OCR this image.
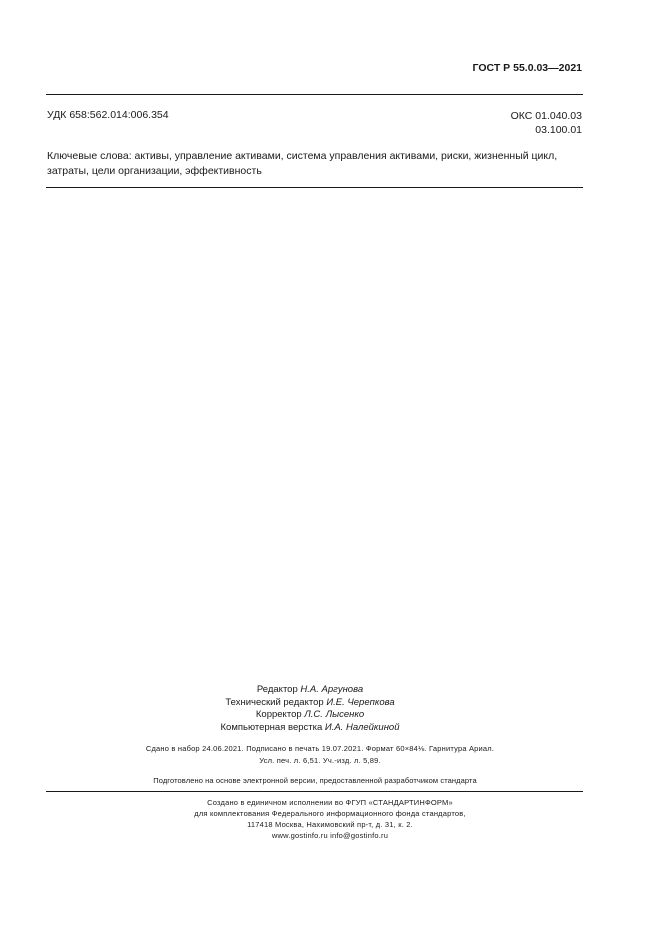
ГОСТ Р 55.0.03—2021
УДК 658:562.014:006.354	ОКС 01.040.03
03.100.01
Ключевые слова: активы, управление активами, система управления активами, риски, жизненный цикл,
затраты, цели организации, эффективность
Редактор Н.А. Аргунова
Технический редактор И.Е. Черепкова
Корректор Л.С. Лысенко
Компьютерная верстка И.А. Налейкиной
Сдано в набор 24.06.2021. Подписано в печать 19.07.2021. Формат 60×84⅛. Гарнитура Ариал.
Усл. печ. л. 6,51. Уч.-изд. л. 5,89.
Подготовлено на основе электронной версии, предоставленной разработчиком стандарта
Создано в единичном исполнении во ФГУП «СТАНДАРТИНФОРМ»
для комплектования Федерального информационного фонда стандартов,
117418 Москва, Нахимовский пр-т, д. 31, к. 2.
www.gostinfo.ru info@gostinfo.ru
